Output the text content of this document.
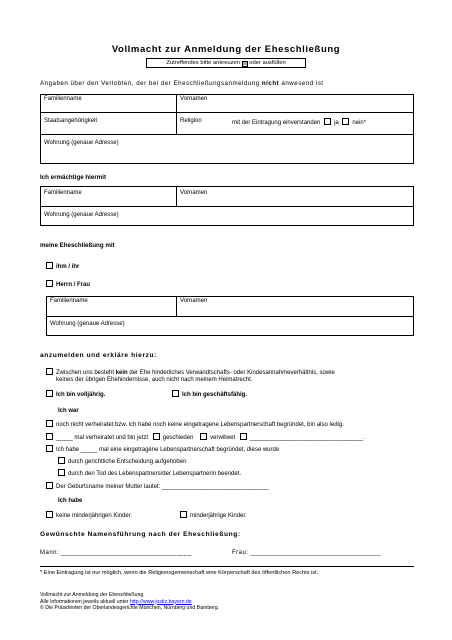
Vollmacht zur Anmeldung der Eheschließung
Zutreffendes bitte ankreuzen ☒ oder ausfüllen
Angaben über den Verlobten, der bei der Eheschließungsanmeldung nicht anwesend ist
Familienname	Vornamen
Staatsangehörigkeit	Religion	mit der Eintragung einverstanden ja nein*
Wohnung (genaue Adresse)
Ich ermächtige hiermit
Familienname	Vornamen
Wohnung (genaue Adresse)
meine Eheschließung mit
ihm / ihr
Herrn / Frau
Familienname	Vornamen
Wohnung (genaue Adresse)
anzumelden und erkläre hierzu:
Zwischen uns besteht kein der Ehe hinderliches Verwandtschafts- oder Kindesannahmeverhältnis, sowie
keines der übrigen Ehehindernisse, auch nicht nach meinem Heimatrecht.
Ich bin volljährig.	Ich bin geschäftsfähig.
Ich war
noch nicht verheiratet bzw. ich habe noch keine eingetragene Lebenspartnerschaft begründet, bin also ledig.
_____ mal verheiratet und bin jetzt geschieden	verwitwet __________________________________.
Ich habe _____ mal eine eingetragene Lebenspartnerschaft begründet, diese wurde
durch gerichtliche Entscheidung aufgehoben
durch den Tod des Lebenspartners/der Lebenspartnerin beendet.
Der Geburtsname meiner Mutter lautet: ________________________________
Ich habe
keine minderjährigen Kinder.	minderjährige Kinder.
Gewünschte Namensführung nach der Eheschließung:
Mann: __________________________________	Frau: __________________________________
* Eine Eintragung ist nur möglich, wenn die Religionsgemeinschaft eine Körperschaft des öffentlichen Rechts ist.
Vollmacht zur Anmeldung der Eheschließung.
Alle Informationen jeweils aktuell unter http://www.justiz.bayern.de
© Die Präsidenten der Oberlandesgerichte München, Nürnberg und Bamberg.
